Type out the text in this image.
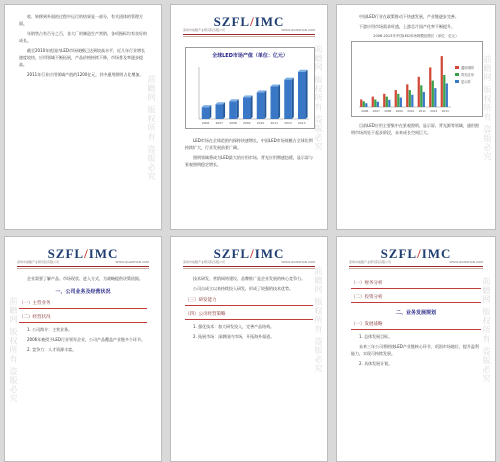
收、转移到外面的过程中运行的结果是一部分，有关团体的管理方面。

年销售占有百分之百，各大厂的制造生产营销，各项指标均有良好的成长。

截至2010年底国内LED市场规模已达到较高水平，近几年行业增长速度较快，应用领域不断拓展，产品价格持续下降，市场普及率逐步提高。

2011年行业应用领域产值约1200亿元，其中通用照明占比增加。

前瞻网 版权所有 盗版必究
SZFL/IMC
深圳市前瞻产业研究院有限公司	WWW.QIANZHAN.COM
全球LED市场产值（单位：亿元）
2006 2007 2008 2009 2010 2011 2012 2013

LED市场在全球范围内保持快速增长，中国LED市场规模占全球比例持续扩大，行业发展前景广阔。

照明领域将成为LED最大的应用市场，背光应用增速趋缓，显示屏与景观照明稳定增长。

前瞻网 版权所有 盗版必究

中国LED行业在政策推动下快速发展，产业链逐步完善。

下游应用市场需求旺盛，上游芯片国产化率不断提升。

2006-2013年中国LED市场规模及增长（单位：亿元）
2006 2007 2008 2009 2010 2011 2012 2013
通用照明
背光应用
显示屏

目前LED应用主要集中在景观照明、显示屏、背光源等领域，通用照明市场尚处于起步阶段，未来成长空间巨大。	前瞻网 版权所有 盗版必究
SZFL/IMC
深圳市前瞻产业研究院有限公司	WWW.QIANZHAN.COM

企业需要了解产品、市场现状、进入方式，为战略提供决策依据。

一、公司业务及经营状况
（一）主营业务
（二）经营状况

1. 公司简介：主营业务。

2006年被授予LED行业领军企业，公司产品覆盖产业链多个环节。

2. 竞争力：人才资源丰富。

前瞻网 版权所有 盗版必究
SZFL/IMC
深圳市前瞻产业研究院有限公司	WWW.QIANZHAN.COM

技术研发、营销网络建设、品牌推广是企业发展的核心竞争力。

公司自成立以来持续投入研发，形成了较强的技术优势。

（三）研发能力
（四）公司经营策略

1. 强化技术：加大研发投入，完善产品结构。

2. 拓展市场：深耕国内市场，开拓海外渠道。	前瞻网 版权所有 盗版必究
SZFL/IMC
深圳市前瞻产业研究院有限公司	WWW.QIANZHAN.COM
（一）财务分析
（二）投资分析
二、业务发展规划
（一）发展战略

1. 总体发展目标。

未来三年公司将围绕LED产业链核心环节，巩固市场地位，提升盈利能力，实现可持续发展。

2. 具体发展计划。	前瞻网 版权所有 盗版必究
